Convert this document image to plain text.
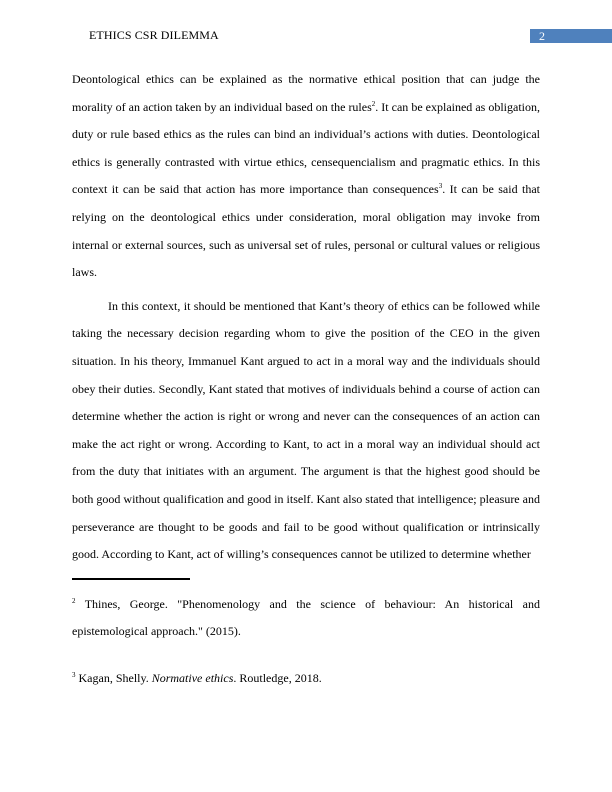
ETHICS CSR DILEMMA	2

Deontological ethics can be explained as the normative ethical position that can judge the morality of an action taken by an individual based on the rules$^2$. It can be explained as obligation, duty or rule based ethics as the rules can bind an individual’s actions with duties. Deontological ethics is generally contrasted with virtue ethics, censequencialism and pragmatic ethics. In this context it can be said that action has more importance than consequences$^3$. It can be said that relying on the deontological ethics under consideration, moral obligation may invoke from internal or external sources, such as universal set of rules, personal or cultural values or religious laws.

In this context, it should be mentioned that Kant’s theory of ethics can be followed while taking the necessary decision regarding whom to give the position of the CEO in the given situation. In his theory, Immanuel Kant argued to act in a moral way and the individuals should obey their duties. Secondly, Kant stated that motives of individuals behind a course of action can determine whether the action is right or wrong and never can the consequences of an action can make the act right or wrong. According to Kant, to act in a moral way an individual should act from the duty that initiates with an argument. The argument is that the highest good should be both good without qualification and good in itself. Kant also stated that intelligence; pleasure and perseverance are thought to be goods and fail to be good without qualification or intrinsically good. According to Kant, act of willing’s consequences cannot be utilized to determine whether

$^2$ Thines, George. "Phenomenology and the science of behaviour: An historical and epistemological approach." (2015).
$^3$ Kagan, Shelly. Normative ethics. Routledge, 2018.
